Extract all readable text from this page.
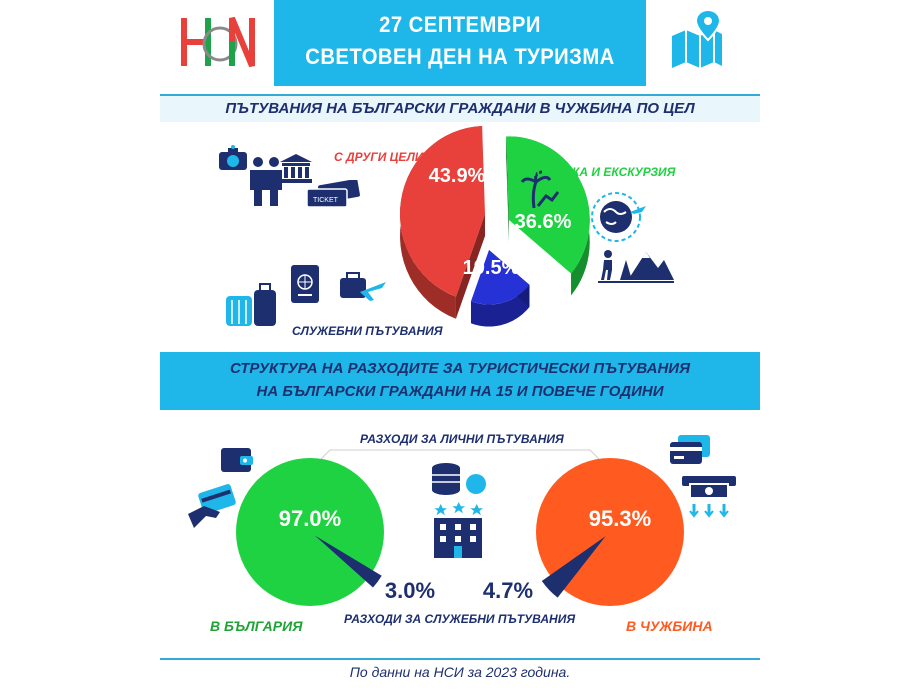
27 СЕПТЕМВРИ
СВЕТОВЕН ДЕН НА ТУРИЗМА
ПЪТУВАНИЯ НА БЪЛГАРСКИ ГРАЖДАНИ В ЧУЖБИНА ПО ЦЕЛ
43.9%
36.6%
19.5%
С ДРУГИ ЦЕЛИ
ПОЧИВКА И ЕКСКУРЗИЯ
СЛУЖЕБНИ ПЪТУВАНИЯ
TICKET
СТРУКТУРА НА РАЗХОДИТЕ ЗА ТУРИСТИЧЕСКИ ПЪТУВАНИЯ
НА БЪЛГАРСКИ ГРАЖДАНИ НА 15 И ПОВЕЧЕ ГОДИНИ
РАЗХОДИ ЗА ЛИЧНИ ПЪТУВАНИЯ
97.0%
3.0%
95.3%
4.7%
РАЗХОДИ ЗА СЛУЖЕБНИ ПЪТУВАНИЯ
В БЪЛГАРИЯ	В ЧУЖБИНА
По данни на НСИ за 2023 година.
